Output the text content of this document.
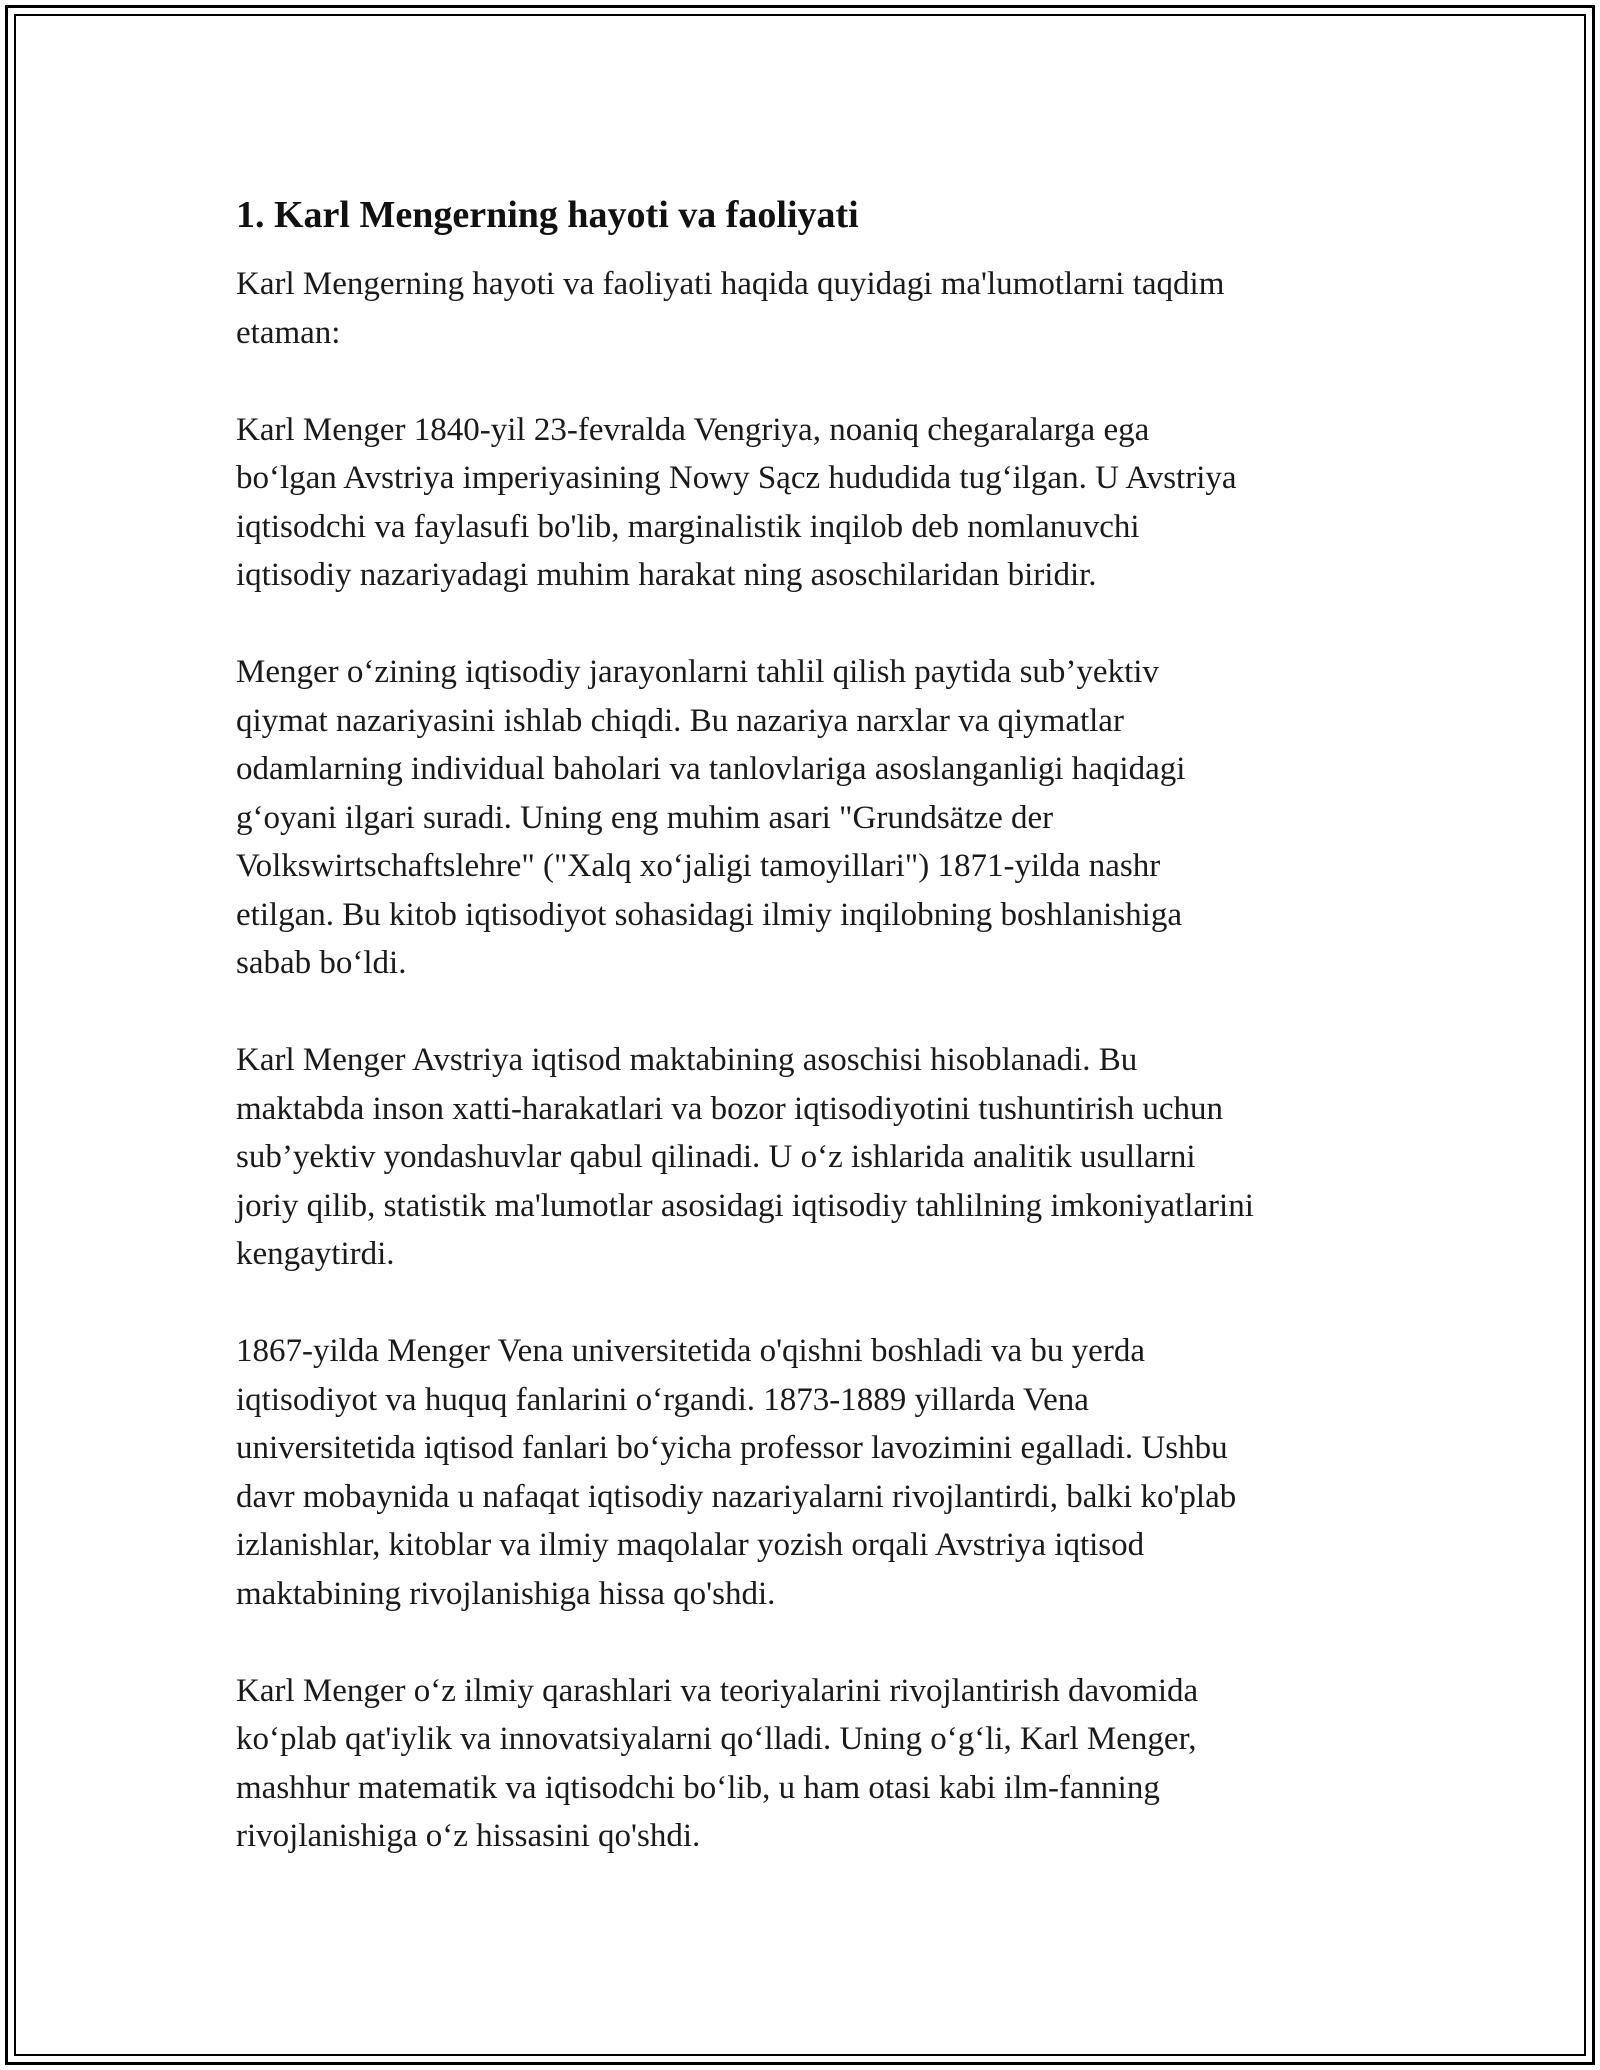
1. Karl Mengerning hayoti va faoliyati

Karl Mengerning hayoti va faoliyati haqida quyidagi ma'lumotlarni taqdim
etaman:

Karl Menger 1840-yil 23-fevralda Vengriya, noaniq chegaralarga ega
bo‘lgan Avstriya imperiyasining Nowy Sącz hududida tug‘ilgan. U Avstriya
iqtisodchi va faylasufi bo'lib, marginalistik inqilob deb nomlanuvchi
iqtisodiy nazariyadagi muhim harakat ning asoschilaridan biridir.

Menger o‘zining iqtisodiy jarayonlarni tahlil qilish paytida sub’yektiv
qiymat nazariyasini ishlab chiqdi. Bu nazariya narxlar va qiymatlar
odamlarning individual baholari va tanlovlariga asoslanganligi haqidagi
g‘oyani ilgari suradi. Uning eng muhim asari "Grundsätze der
Volkswirtschaftslehre" ("Xalq xo‘jaligi tamoyillari") 1871-yilda nashr
etilgan. Bu kitob iqtisodiyot sohasidagi ilmiy inqilobning boshlanishiga
sabab bo‘ldi.

Karl Menger Avstriya iqtisod maktabining asoschisi hisoblanadi. Bu
maktabda inson xatti-harakatlari va bozor iqtisodiyotini tushuntirish uchun
sub’yektiv yondashuvlar qabul qilinadi. U o‘z ishlarida analitik usullarni
joriy qilib, statistik ma'lumotlar asosidagi iqtisodiy tahlilning imkoniyatlarini
kengaytirdi.

1867-yilda Menger Vena universitetida o'qishni boshladi va bu yerda
iqtisodiyot va huquq fanlarini o‘rgandi. 1873-1889 yillarda Vena
universitetida iqtisod fanlari bo‘yicha professor lavozimini egalladi. Ushbu
davr mobaynida u nafaqat iqtisodiy nazariyalarni rivojlantirdi, balki ko'plab
izlanishlar, kitoblar va ilmiy maqolalar yozish orqali Avstriya iqtisod
maktabining rivojlanishiga hissa qo'shdi.

Karl Menger o‘z ilmiy qarashlari va teoriyalarini rivojlantirish davomida
ko‘plab qat'iylik va innovatsiyalarni qo‘lladi. Uning o‘g‘li, Karl Menger,
mashhur matematik va iqtisodchi bo‘lib, u ham otasi kabi ilm-fanning
rivojlanishiga o‘z hissasini qo'shdi.
